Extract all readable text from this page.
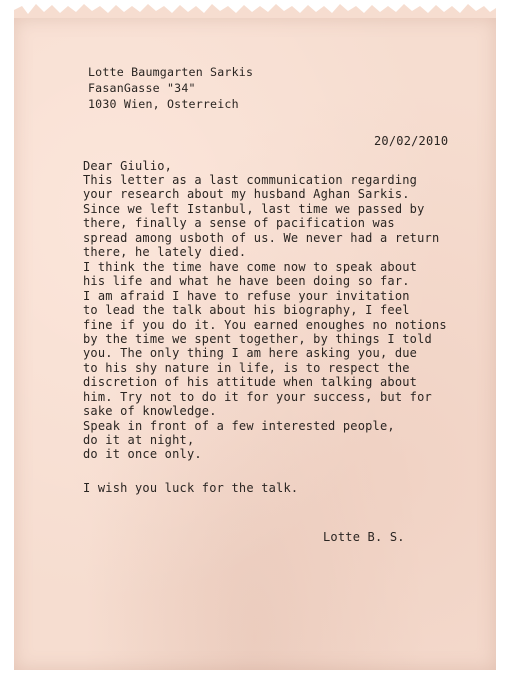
Lotte Baumgarten Sarkis
FasanGasse "34"
1030 Wien, Osterreich
20/02/2010
Dear Giulio,
This letter as a last communication regarding
your research about my husband Aghan Sarkis.
Since we left Istanbul, last time we passed by
there, finally a sense of pacification was
spread among usboth of us. We never had a return
there, he lately died.
I think the time have come now to speak about
his life and what he have been doing so far.
I am afraid I have to refuse your invitation
to lead the talk about his biography, I feel
fine if you do it. You earned enoughes no notions
by the time we spent together, by things I told
you. The only thing I am here asking you, due
to his shy nature in life, is to respect the
discretion of his attitude when talking about
him. Try not to do it for your success, but for
sake of knowledge.
Speak in front of a few interested people,
do it at night,
do it once only.
I wish you luck for the talk.
Lotte B. S.
